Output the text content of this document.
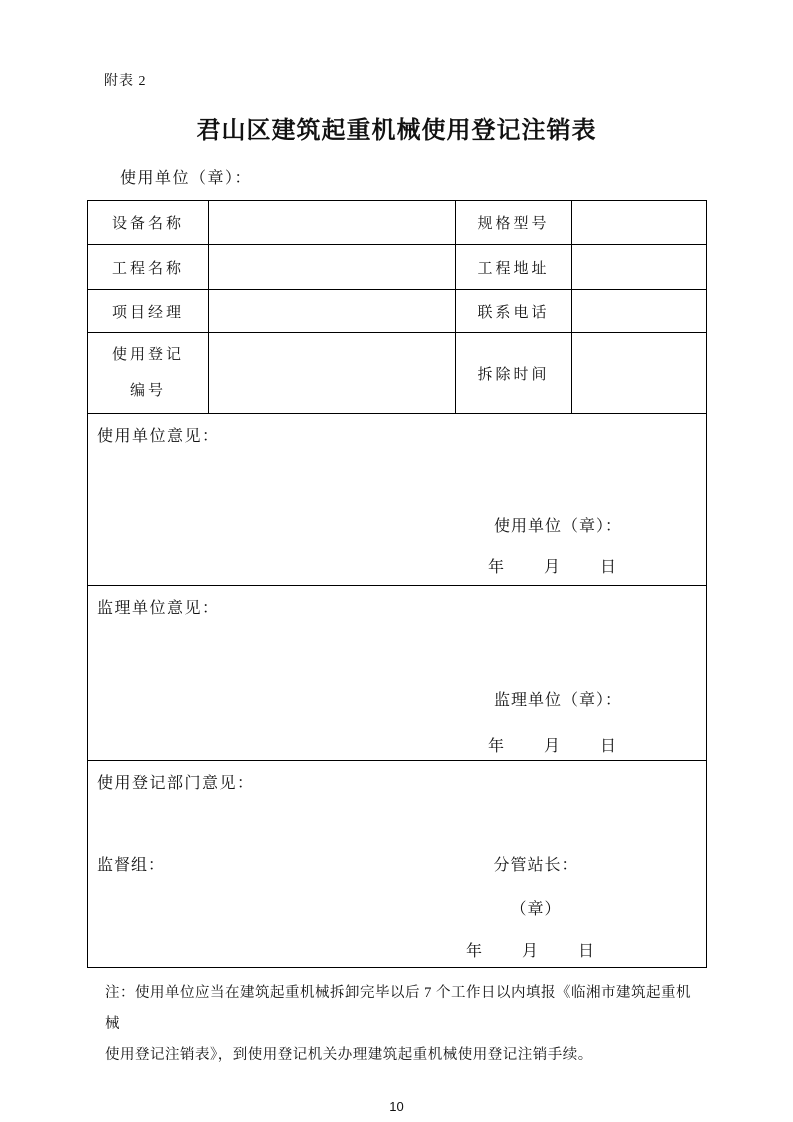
附表 2
君山区建筑起重机械使用登记注销表
使用单位（章）：
设备名称		规格型号	
工程名称		工程地址	
项目经理		联系电话	

使用登记
编号		拆除时间	

使用单位意见：
使用单位（章）：
年　月　日			

监理单位意见：
监理单位（章）：
年　月　日			

使用登记部门意见：
监督组： 分管站长：
（章）
年　月　日			
注：使用单位应当在建筑起重机械拆卸完毕以后 7 个工作日以内填报《临湘市建筑起重机械
使用登记注销表》，到使用登记机关办理建筑起重机械使用登记注销手续。
10
